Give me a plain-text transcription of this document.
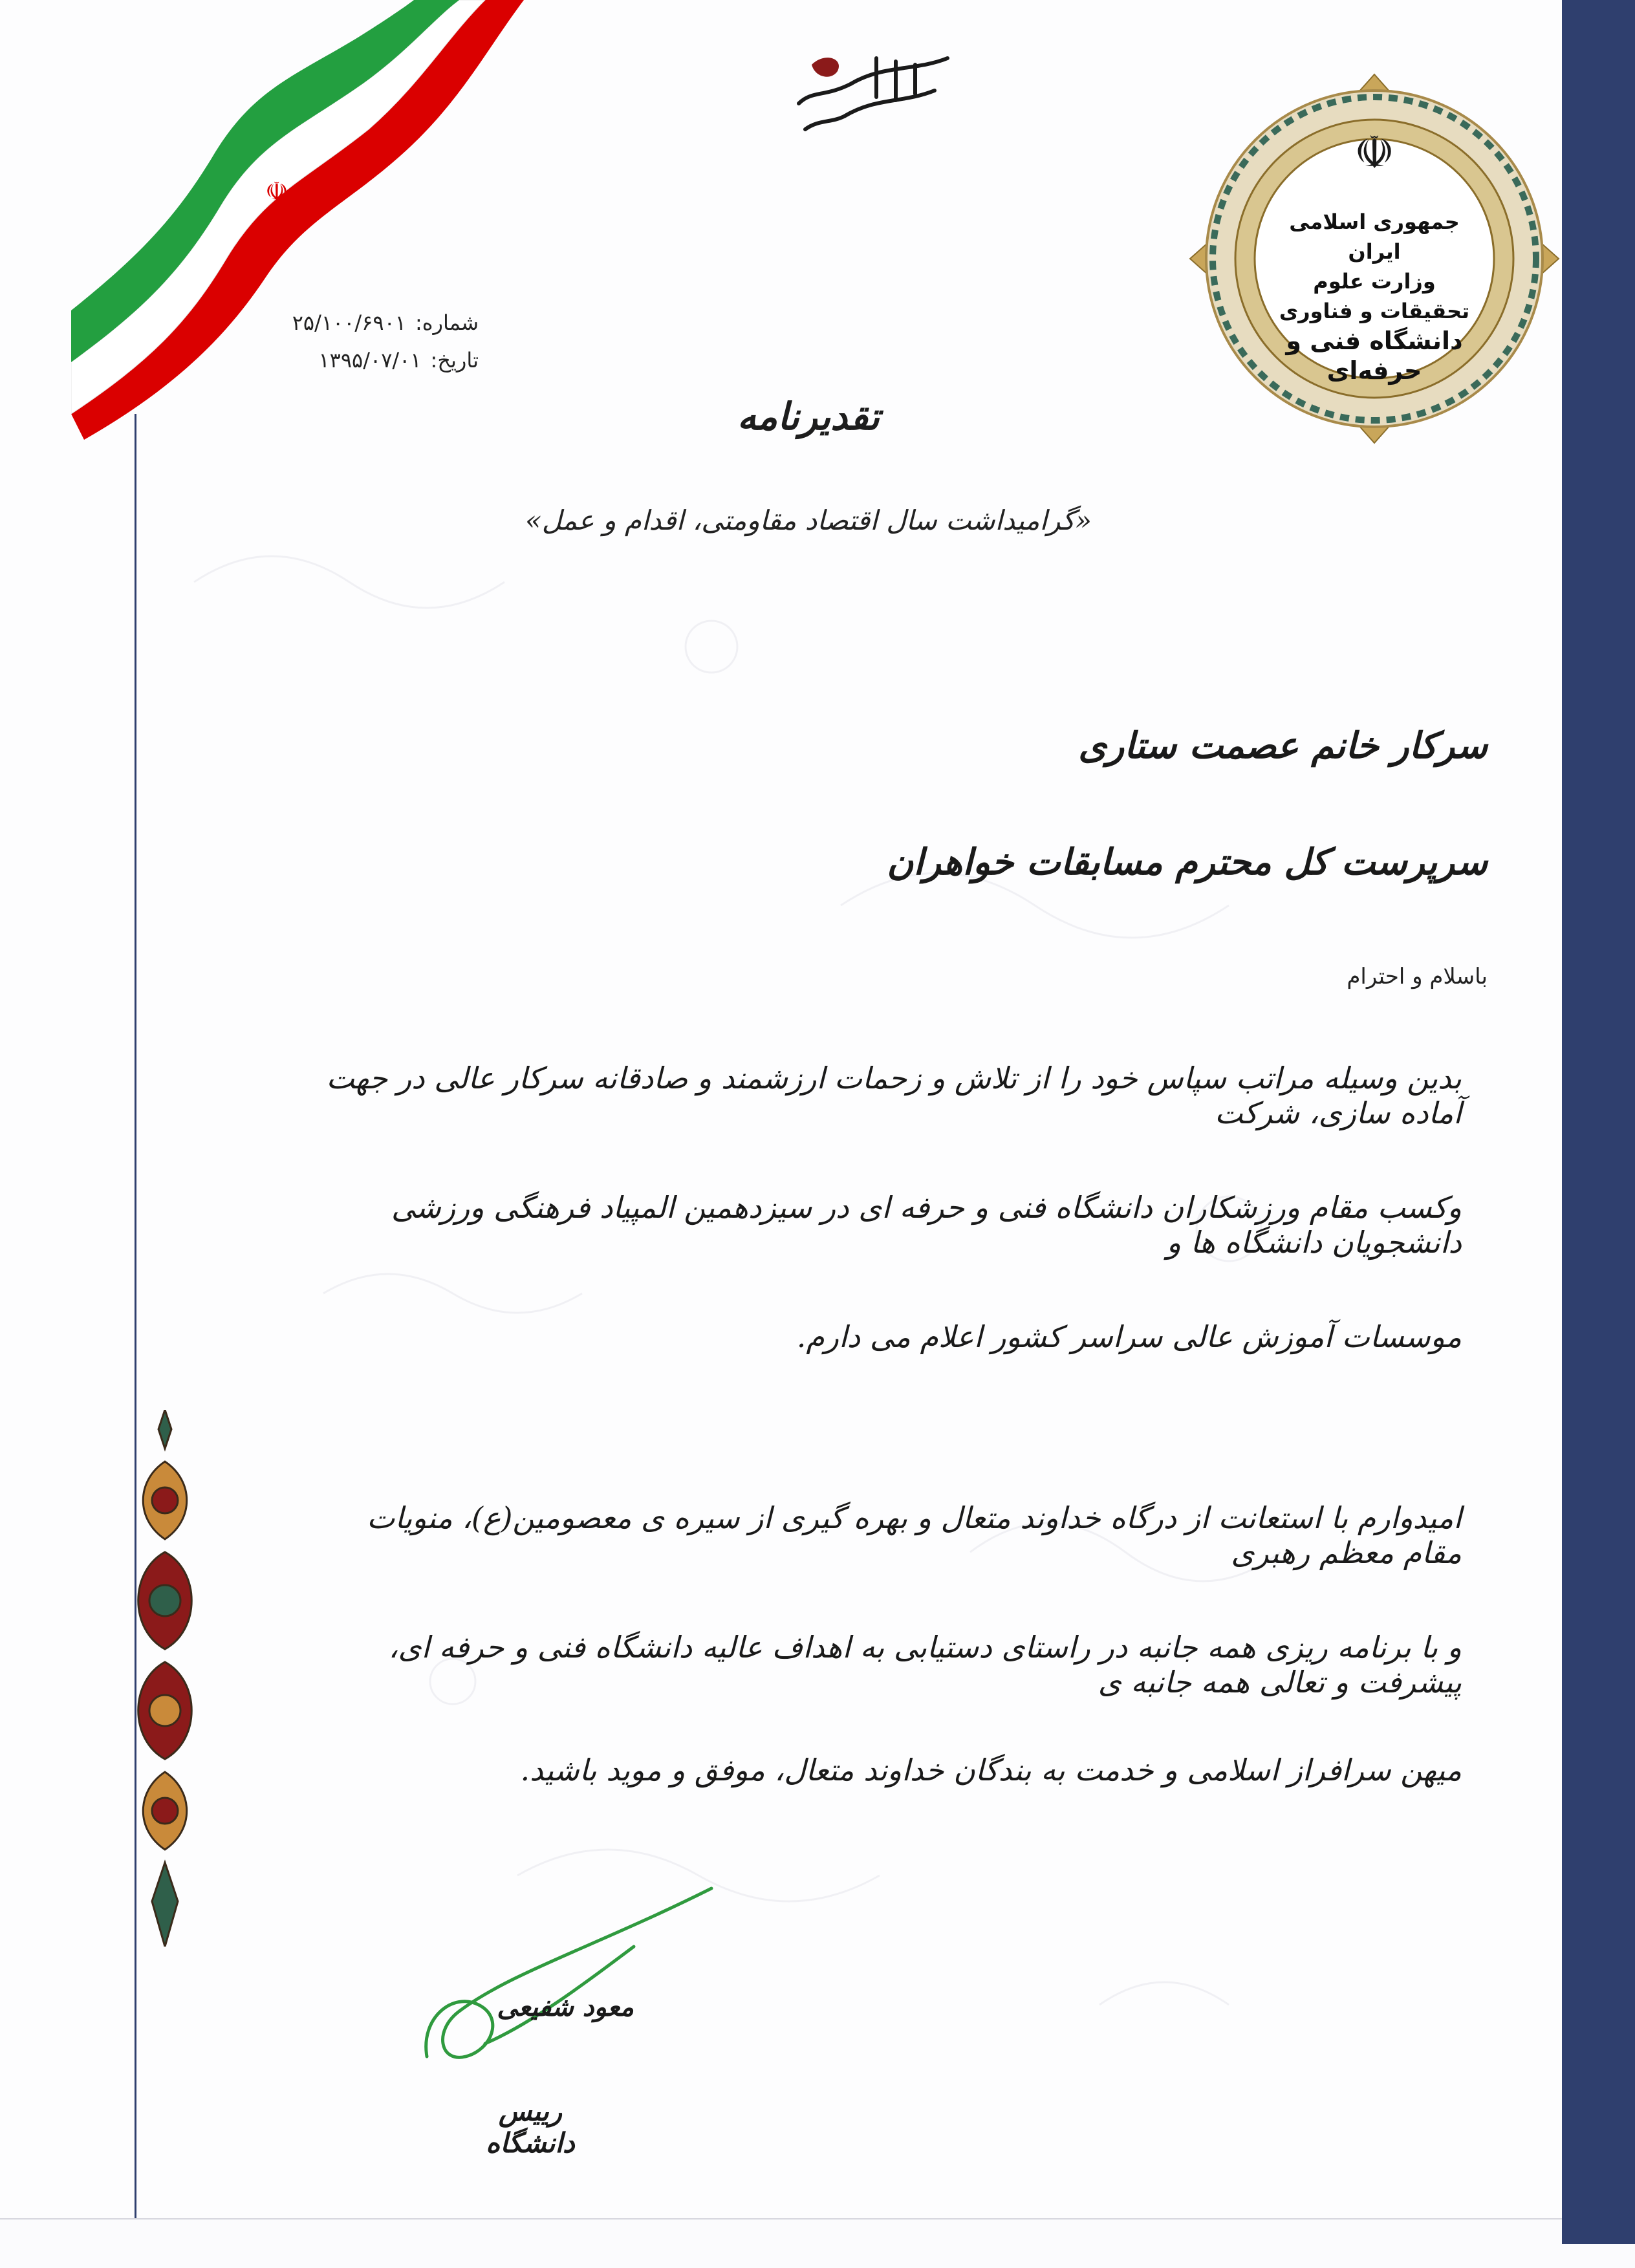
☫
☫
جمهوری اسلامی ایران
وزارت علوم تحقیقات و فناوری
دانشگاه فنی و حرفه‌ای
شماره:
۲۵/۱۰۰/۶۹۰۱
تاریخ:
۱۳۹۵/۰۷/۰۱
تقدیرنامه
«گرامیداشت سال اقتصاد مقاومتی، اقدام و عمل»
سرکار خانم عصمت ستاری
سرپرست کل محترم مسابقات خواهران
باسلام و احترام
بدین وسیله مراتب سپاس خود را از تلاش و زحمات ارزشمند و صادقانه سرکار عالی در جهت آماده سازی، شرکت
وکسب مقام ورزشکاران دانشگاه فنی و حرفه ای در سیزدهمین المپیاد فرهنگی ورزشی دانشجویان دانشگاه ها و
موسسات آموزش عالی سراسر کشور اعلام می دارم.
امیدوارم با استعانت از درگاه خداوند متعال و بهره گیری از سیره ی معصومین(ع)، منویات مقام معظم رهبری
و با برنامه ریزی همه جانبه در راستای دستیابی به اهداف عالیه دانشگاه فنی و حرفه ای، پیشرفت و تعالی همه جانبه ی
میهن سرافراز اسلامی و خدمت به بندگان خداوند متعال، موفق و موید باشید.
معود شفیعی
رییس دانشگاه
